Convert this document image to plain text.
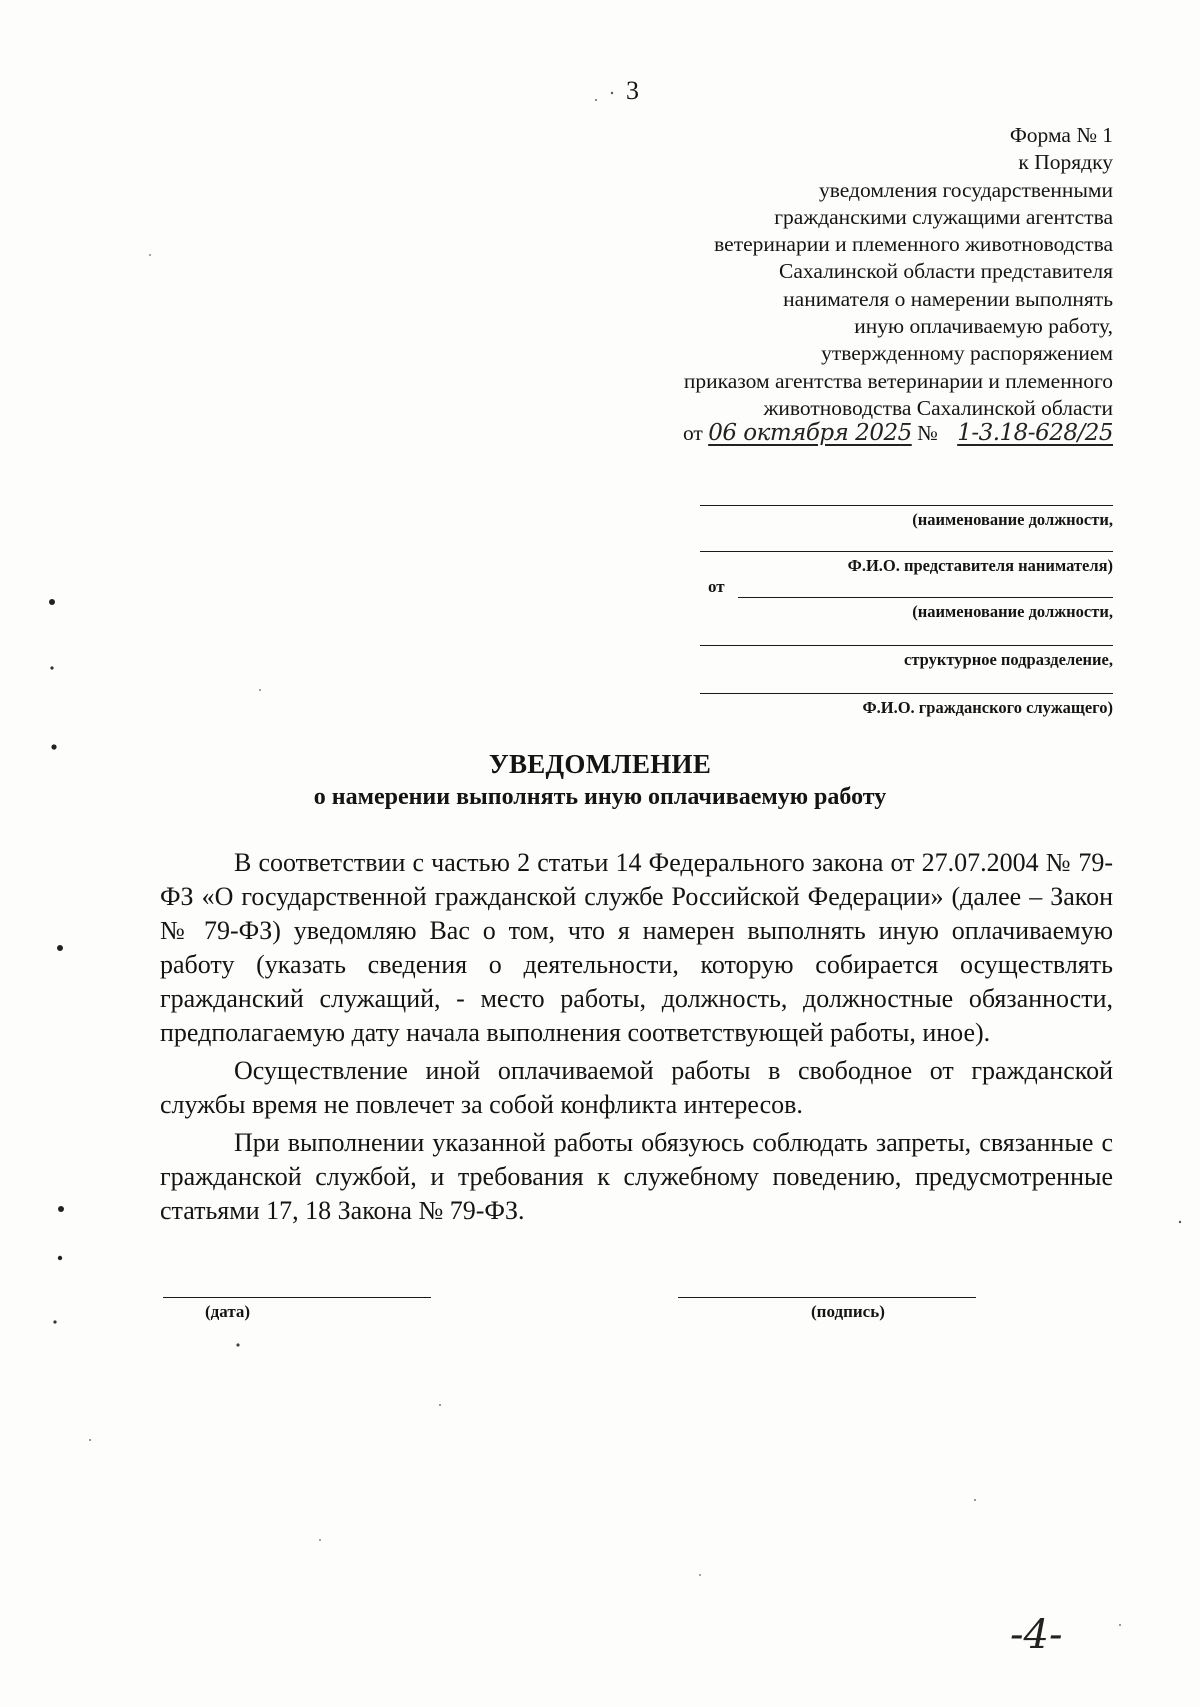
3
Форма № 1
к Порядку
уведомления государственными
гражданскими служащими агентства
ветеринарии и племенного животноводства
Сахалинской области представителя
нанимателя о намерении выполнять
иную оплачиваемую работу,
утвержденному распоряжением
приказом агентства ветеринарии и племенного
животноводства Сахалинской области
от 06 октября 2025 № 1-3.18-628/25
(наименование должности,
Ф.И.О. представителя нанимателя)
от
(наименование должности,
структурное подразделение,
Ф.И.О. гражданского служащего)
УВЕДОМЛЕНИЕ
о намерении выполнять иную оплачиваемую работу

В соответствии с частью 2 статьи 14 Федерального закона от 27.07.2004 № 79-ФЗ «О государственной гражданской службе Российской Федерации» (далее – Закон № 79-ФЗ) уведомляю Вас о том, что я намерен выполнять иную оплачиваемую работу (указать сведения о деятельности, которую собирается осуществлять гражданский служащий, - место работы, должность, должностные обязанности, предполагаемую дату начала выполнения соответствующей работы, иное).

Осуществление иной оплачиваемой работы в свободное от гражданской службы время не повлечет за собой конфликта интересов.

При выполнении указанной работы обязуюсь соблюдать запреты, связанные с гражданской службой, и требования к служебному поведению, предусмотренные статьями 17, 18 Закона № 79-ФЗ.

(дата)	(подпись)
-4-
